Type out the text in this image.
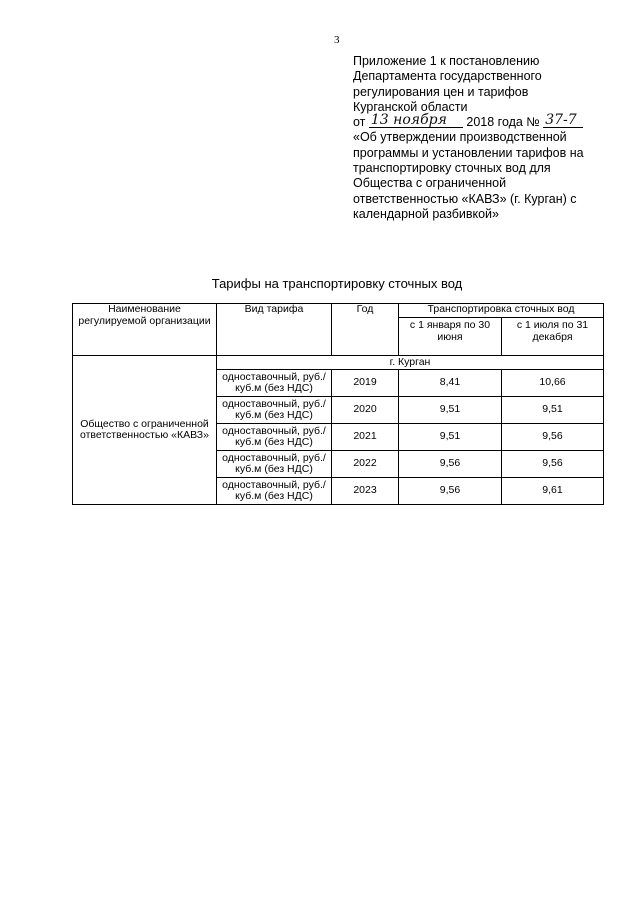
3
Приложение 1 к постановлению
Департамента государственного
регулирования цен и тарифов
Курганской области
от 13 ноября 2018 года № 37-7
«Об утверждении производственной
программы и установлении тарифов на
транспортировку сточных вод для
Общества с ограниченной
ответственностью «КАВЗ» (г. Курган) с
календарной разбивкой»
Тарифы на транспортировку сточных вод
Наименование регулируемой организации	Вид тарифа	Год	Транспортировка сточных вод	
			с 1 января по 30 июня	с 1 июля по 31 декабря
Общество с ограниченной ответственностью «КАВЗ»	г. Курган			
	одноставочный, руб./куб.м (без НДС)	2019	8,41	10,66
	одноставочный, руб./куб.м (без НДС)	2020	9,51	9,51
	одноставочный, руб./куб.м (без НДС)	2021	9,51	9,56
	одноставочный, руб./куб.м (без НДС)	2022	9,56	9,56
	одноставочный, руб./куб.м (без НДС)	2023	9,56	9,61
